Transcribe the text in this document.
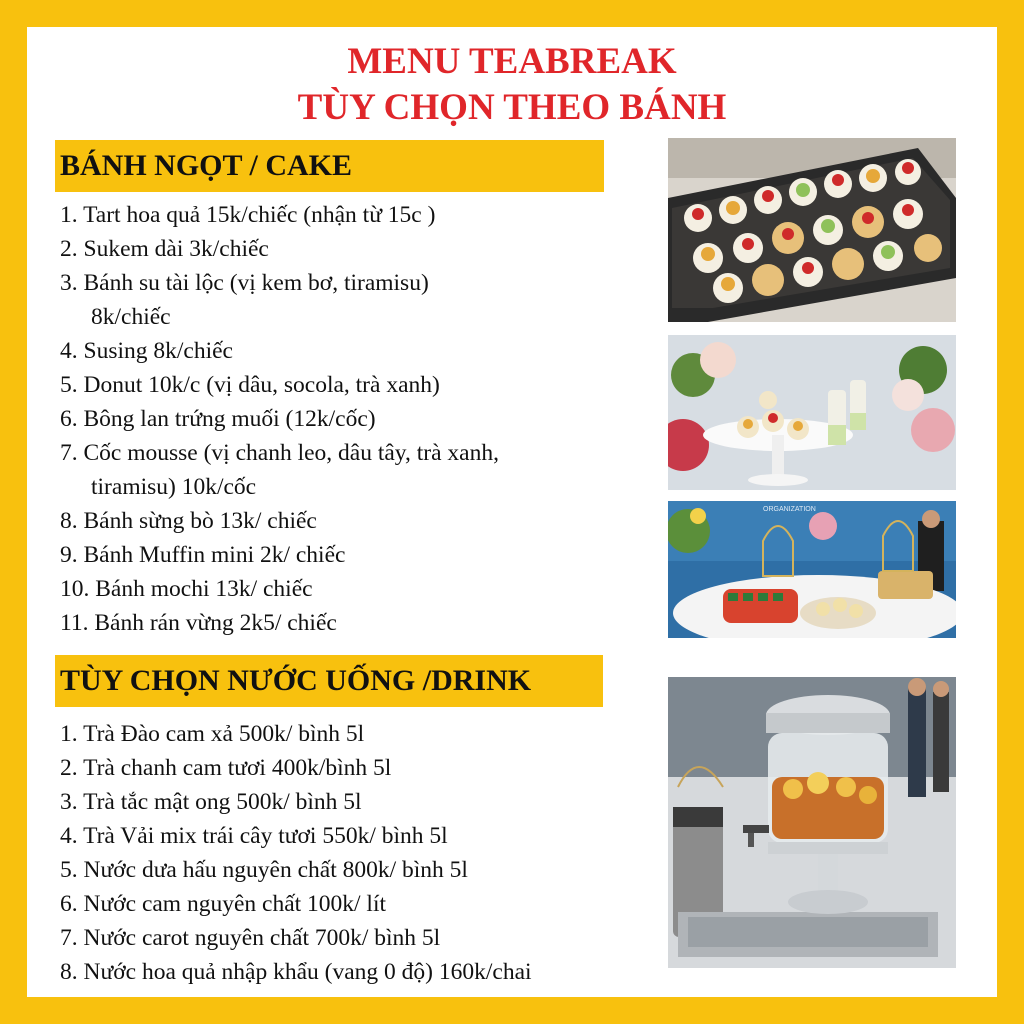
MENU TEABREAK
TÙY CHỌN THEO BÁNH
BÁNH NGỌT / CAKE
1. Tart hoa quả 15k/chiếc (nhận từ 15c )
2. Sukem dài 3k/chiếc
3. Bánh su tài lộc (vị kem bơ, tiramisu)
8k/chiếc
4. Susing 8k/chiếc
5. Donut 10k/c (vị dâu, socola, trà xanh)
6. Bông lan trứng muối (12k/cốc)
7. Cốc mousse (vị chanh leo, dâu tây, trà xanh,
tiramisu) 10k/cốc
8. Bánh sừng bò 13k/ chiếc
9. Bánh Muffin mini 2k/ chiếc
10. Bánh mochi 13k/ chiếc
11. Bánh rán vừng 2k5/ chiếc
TÙY CHỌN NƯỚC UỐNG /DRINK
1. Trà Đào cam xả 500k/ bình 5l
2. Trà chanh cam tươi 400k/bình 5l
3. Trà tắc mật ong 500k/ bình 5l
4. Trà Vải mix trái cây tươi 550k/ bình 5l
5. Nước dưa hấu nguyên chất 800k/ bình 5l
6. Nước cam nguyên chất 100k/ lít
7. Nước carot nguyên chất 700k/ bình 5l
8. Nước hoa quả nhập khẩu (vang 0 độ) 160k/chai
ORGANIZATION
